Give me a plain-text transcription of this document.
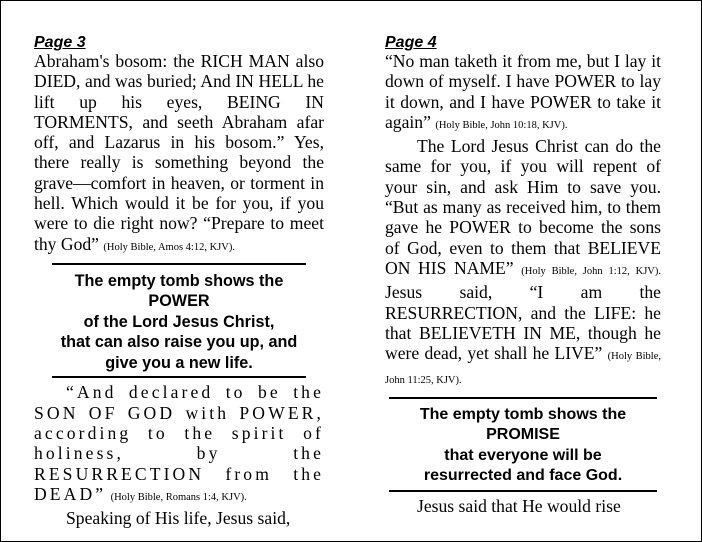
Page 3

Abraham's bosom: the RICH MAN also DIED, and was buried; And IN HELL he lift up his eyes, BEING IN TORMENTS, and seeth Abraham afar off, and Lazarus in his bosom.” Yes, there really is something beyond the grave—comfort in heaven, or torment in hell. Which would it be for you, if you were to die right now? “Prepare to meet thy God” (Holy Bible, Amos 4:12, KJV).

The empty tomb shows the
POWER
of the Lord Jesus Christ,
that can also raise you up, and
give you a new life.

“And declared to be the SON OF GOD with POWER, according to the spirit of holiness, by the RESURRECTION from the DEAD” (Holy Bible, Romans 1:4, KJV).

Speaking of His life, Jesus said,

Page 4

“No man taketh it from me, but I lay it down of myself. I have POWER to lay it down, and I have POWER to take it again” (Holy Bible, John 10:18, KJV).

The Lord Jesus Christ can do the same for you, if you will repent of your sin, and ask Him to save you. “But as many as received him, to them gave he POWER to become the sons of God, even to them that BELIEVE ON HIS NAME” (Holy Bible, John 1:12, KJV). Jesus said, “I am the RESURRECTION, and the LIFE: he that BELIEVETH IN ME, though he were dead, yet shall he LIVE” (Holy Bible, John 11:25, KJV).

The empty tomb shows the
PROMISE
that everyone will be
resurrected and face God.

Jesus said that He would rise
